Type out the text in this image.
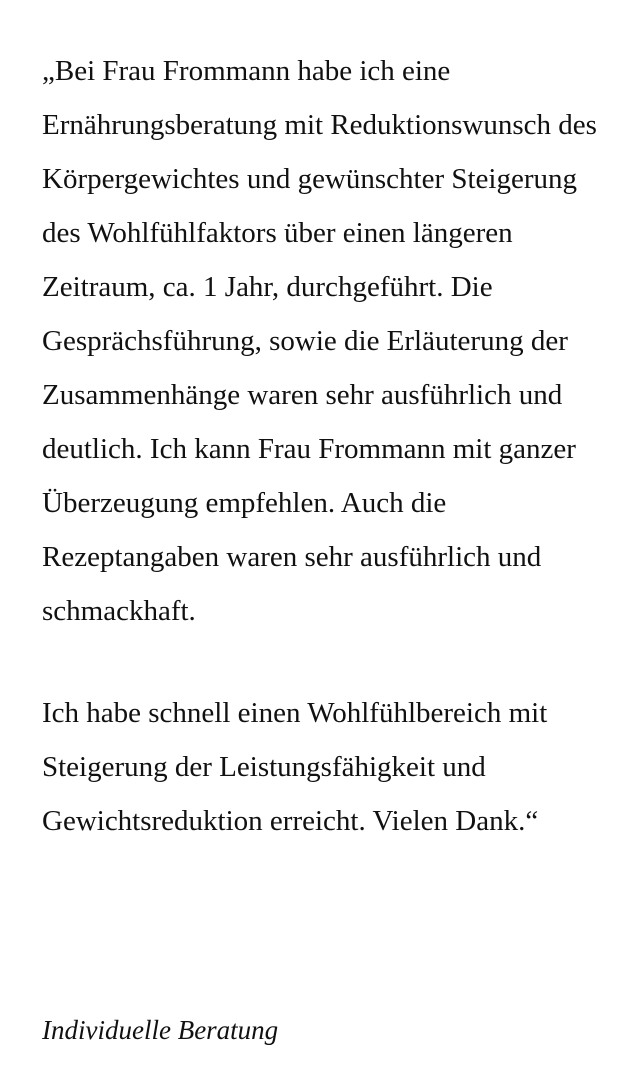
„Bei Frau Frommann habe ich eine Ernährungsberatung mit Reduktionswunsch des Körpergewichtes und gewünschter Steigerung des Wohlfühlfaktors über einen längeren Zeitraum, ca. 1 Jahr, durchgeführt. Die Gesprächsführung, sowie die Erläuterung der Zusammenhänge waren sehr ausführlich und deutlich. Ich kann Frau Frommann mit ganzer Überzeugung empfehlen. Auch die Rezeptangaben waren sehr ausführlich und schmackhaft.

Ich habe schnell einen Wohlfühlbereich mit Steigerung der Leistungsfähigkeit und Gewichtsreduktion erreicht. Vielen Dank.“

Individuelle Beratung
